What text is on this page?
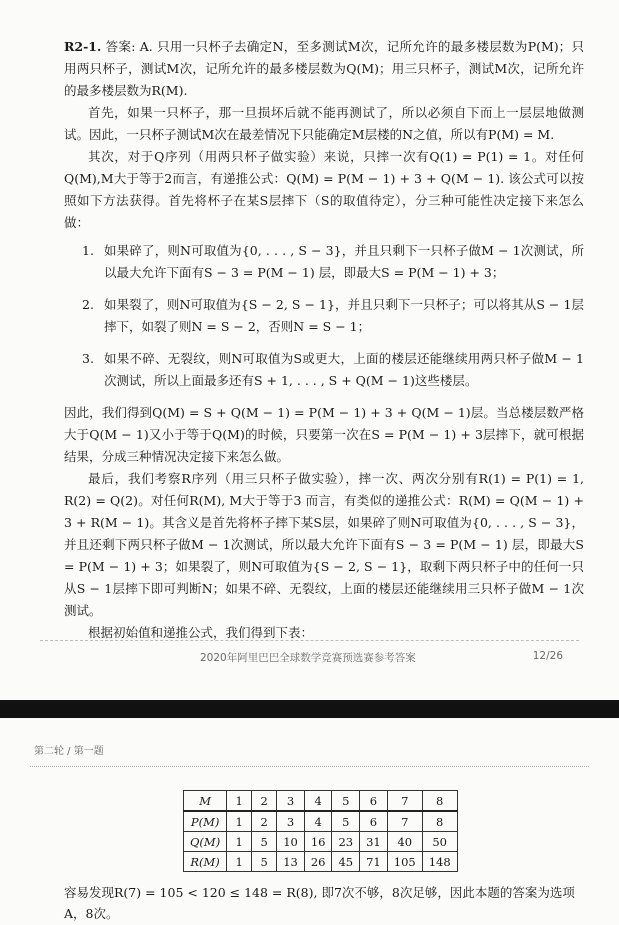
R2-1. 答案: A. 只用一只杯子去确定N，至多测试M次，记所允许的最多楼层数为P(M)；只用两只杯子，测试M次，记所允许的最多楼层数为Q(M)；用三只杯子，测试M次，记所允许的最多楼层数为R(M).

首先，如果一只杯子，那一旦损坏后就不能再测试了，所以必须自下而上一层层地做测试。因此，一只杯子测试M次在最差情况下只能确定M层楼的N之值，所以有P(M) = M.

其次，对于Q序列（用两只杯子做实验）来说，只摔一次有Q(1) = P(1) = 1。对任何Q(M),M大于等于2而言，有递推公式：Q(M) = P(M − 1) + 3 + Q(M − 1). 该公式可以按照如下方法获得。首先将杯子在某S层摔下（S的取值待定），分三种可能性决定接下来怎么做：

1. 如果碎了，则N可取值为{0, . . . , S − 3}，并且只剩下一只杯子做M − 1次测试，所以最大允许下面有S − 3 = P(M − 1) 层，即最大S = P(M − 1) + 3；
2. 如果裂了，则N可取值为{S − 2, S − 1}，并且只剩下一只杯子；可以将其从S − 1层摔下，如裂了则N = S − 2，否则N = S − 1；
3. 如果不碎、无裂纹，则N可取值为S或更大，上面的楼层还能继续用两只杯子做M − 1次测试，所以上面最多还有S + 1, . . . , S + Q(M − 1)这些楼层。

因此，我们得到Q(M) = S + Q(M − 1) = P(M − 1) + 3 + Q(M − 1)层。当总楼层数严格大于Q(M − 1)又小于等于Q(M)的时候，只要第一次在S = P(M − 1) + 3层摔下，就可根据结果，分成三种情况决定接下来怎么做。

最后，我们考察R序列（用三只杯子做实验），摔一次、两次分别有R(1) = P(1) = 1, R(2) = Q(2)。对任何R(M), M大于等于3 而言，有类似的递推公式：R(M) = Q(M − 1) + 3 + R(M − 1)。其含义是首先将杯子摔下某S层，如果碎了则N可取值为{0, . . . , S − 3}，并且还剩下两只杯子做M − 1次测试，所以最大允许下面有S − 3 = P(M − 1) 层，即最大S = P(M − 1) + 3；如果裂了，则N可取值为{S − 2, S − 1}，取剩下两只杯子中的任何一只从S − 1层摔下即可判断N；如果不碎、无裂纹，上面的楼层还能继续用三只杯子做M − 1次测试。

根据初始值和递推公式，我们得到下表：

2020年阿里巴巴全球数学竞赛预选赛参考答案	12/26
第二轮 / 第一题
M	1	2	3	4	5	6	7	8
P(M)	1	2	3	4	5	6	7	8
Q(M)	1	5	10	16	23	31	40	50
R(M)	1	5	13	26	45	71	105	148

容易发现R(7) = 105 < 120 ≤ 148 = R(8), 即7次不够，8次足够，因此本题的答案为选项A，8次。
